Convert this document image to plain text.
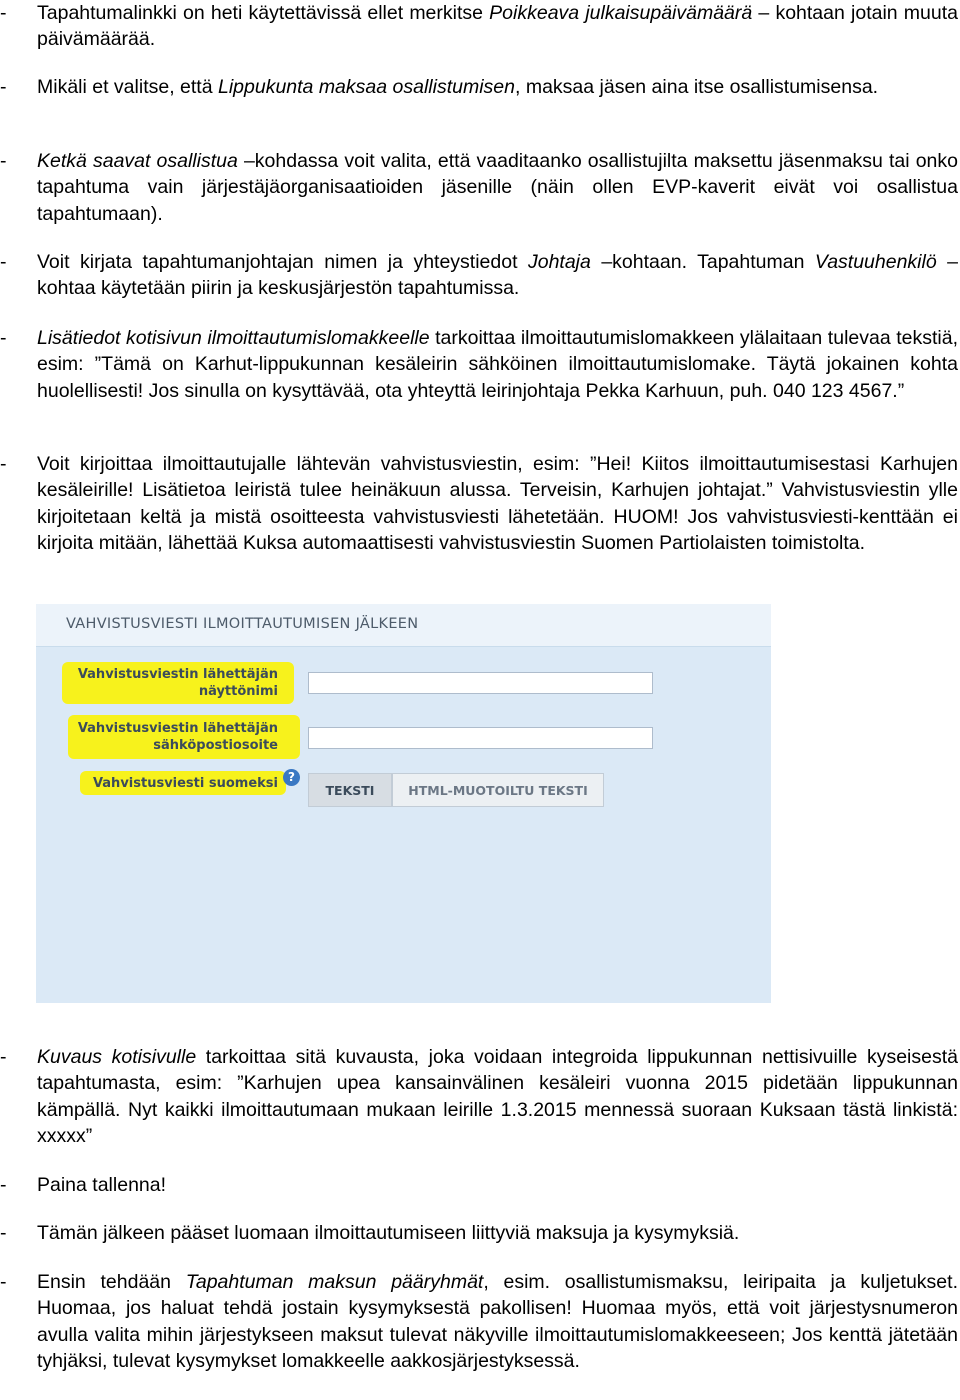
-	Tapahtumalinkki on heti käytettävissä ellet merkitse Poikkeava julkaisupäivämäärä – kohtaan jotain muuta päivämäärää.
-	Mikäli et valitse, että Lippukunta maksaa osallistumisen, maksaa jäsen aina itse osallistumisensa.
-	Ketkä saavat osallistua –kohdassa voit valita, että vaaditaanko osallistujilta maksettu jäsenmaksu tai onko tapahtuma vain järjestäjäorganisaatioiden jäsenille (näin ollen EVP-kaverit eivät voi osallistua tapahtumaan).
-	Voit kirjata tapahtumanjohtajan nimen ja yhteystiedot Johtaja –kohtaan. Tapahtuman Vastuuhenkilö –kohtaa käytetään piirin ja keskusjärjestön tapahtumissa.
-	Lisätiedot kotisivun ilmoittautumislomakkeelle tarkoittaa ilmoittautumislomakkeen ylälaitaan tulevaa tekstiä, esim: ”Tämä on Karhut-lippukunnan kesäleirin sähköinen ilmoittautumislomake. Täytä jokainen kohta huolellisesti! Jos sinulla on kysyttävää, ota yhteyttä leirinjohtaja Pekka Karhuun, puh. 040 123 4567.”
-	Voit kirjoittaa ilmoittautujalle lähtevän vahvistusviestin, esim: ”Hei! Kiitos ilmoittautumisestasi Karhujen kesäleirille! Lisätietoa leiristä tulee heinäkuun alussa. Terveisin, Karhujen johtajat.” Vahvistusviestin ylle kirjoitetaan keltä ja mistä osoitteesta vahvistusviesti lähetetään. HUOM! Jos vahvistusviesti-kenttään ei kirjoita mitään, lähettää Kuksa automaattisesti vahvistusviestin Suomen Partiolaisten toimistolta.
VAHVISTUSVIESTI ILMOITTAUTUMISEN JÄLKEEN
Vahvistusviestin lähettäjän
näyttönimi
Vahvistusviestin lähettäjän
sähköpostiosoite
Vahvistusviesti suomeksi ?
TEKSTI	HTML-MUOTOILTU TEKSTI
-	Kuvaus kotisivulle tarkoittaa sitä kuvausta, joka voidaan integroida lippukunnan nettisivuille kyseisestä tapahtumasta, esim: ”Karhujen upea kansainvälinen kesäleiri vuonna 2015 pidetään lippukunnan kämpällä. Nyt kaikki ilmoittautumaan mukaan leirille 1.3.2015 mennessä suoraan Kuksaan tästä linkistä: xxxxx”
-	Paina tallenna!
-	Tämän jälkeen pääset luomaan ilmoittautumiseen liittyviä maksuja ja kysymyksiä.
-	Ensin tehdään Tapahtuman maksun pääryhmät, esim. osallistumismaksu, leiripaita ja kuljetukset. Huomaa, jos haluat tehdä jostain kysymyksestä pakollisen! Huomaa myös, että voit järjestysnumeron avulla valita mihin järjestykseen maksut tulevat näkyville ilmoittautumislomakkeeseen; Jos kenttä jätetään tyhjäksi, tulevat kysymykset lomakkeelle aakkosjärjestyksessä.
